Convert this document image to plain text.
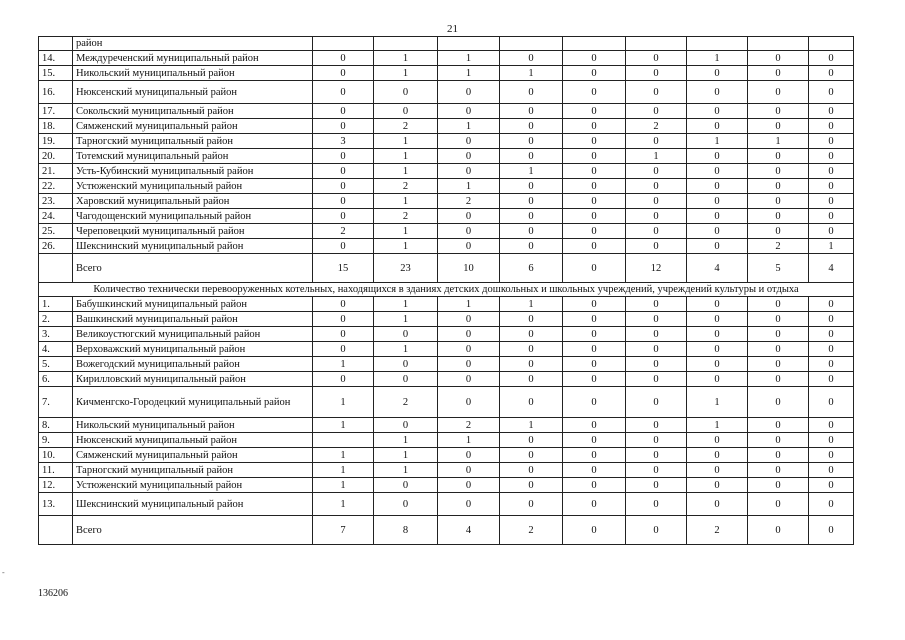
21
	район									
14.	Междуреченский муниципальный район	0	1	1	0	0	0	1	0	0
15.	Никольский муниципальный район	0	1	1	1	0	0	0	0	0
16.	Нюксенский муниципальный район	0	0	0	0	0	0	0	0	0
17.	Сокольский муниципальный район	0	0	0	0	0	0	0	0	0
18.	Сямженский муниципальный район	0	2	1	0	0	2	0	0	0
19.	Тарногский муниципальный район	3	1	0	0	0	0	1	1	0
20.	Тотемский муниципальный район	0	1	0	0	0	1	0	0	0
21.	Усть-Кубинский муниципальный район	0	1	0	1	0	0	0	0	0
22.	Устюженский муниципальный район	0	2	1	0	0	0	0	0	0
23.	Харовский муниципальный район	0	1	2	0	0	0	0	0	0
24.	Чагодощенский муниципальный район	0	2	0	0	0	0	0	0	0
25.	Череповецкий муниципальный район	2	1	0	0	0	0	0	0	0
26.	Шекснинский муниципальный район	0	1	0	0	0	0	0	2	1
	Всего	15	23	10	6	0	12	4	5	4
Количество технически перевооруженных котельных, находящихся в зданиях детских дошкольных и школьных учреждений, учреждений культуры и отдыха										
1.	Бабушкинский муниципальный район	0	1	1	1	0	0	0	0	0
2.	Вашкинский муниципальный район	0	1	0	0	0	0	0	0	0
3.	Великоустюгский муниципальный район	0	0	0	0	0	0	0	0	0
4.	Верховажский муниципальный район	0	1	0	0	0	0	0	0	0
5.	Вожегодский муниципальный район	1	0	0	0	0	0	0	0	0
6.	Кирилловский муниципальный район	0	0	0	0	0	0	0	0	0
7.	Кичменгско-Городецкий муниципальный район	1	2	0	0	0	0	1	0	0
8.	Никольский муниципальный район	1	0	2	1	0	0	1	0	0
9.	Нюксенский муниципальный район		1	1	0	0	0	0	0	0
10.	Сямженский муниципальный район	1	1	0	0	0	0	0	0	0
11.	Тарногский муниципальный район	1	1	0	0	0	0	0	0	0
12.	Устюженский муниципальный район	1	0	0	0	0	0	0	0	0
13.	Шекснинский муниципальный район	1	0	0	0	0	0	0	0	0
	Всего	7	8	4	2	0	0	2	0	0
-
136206
